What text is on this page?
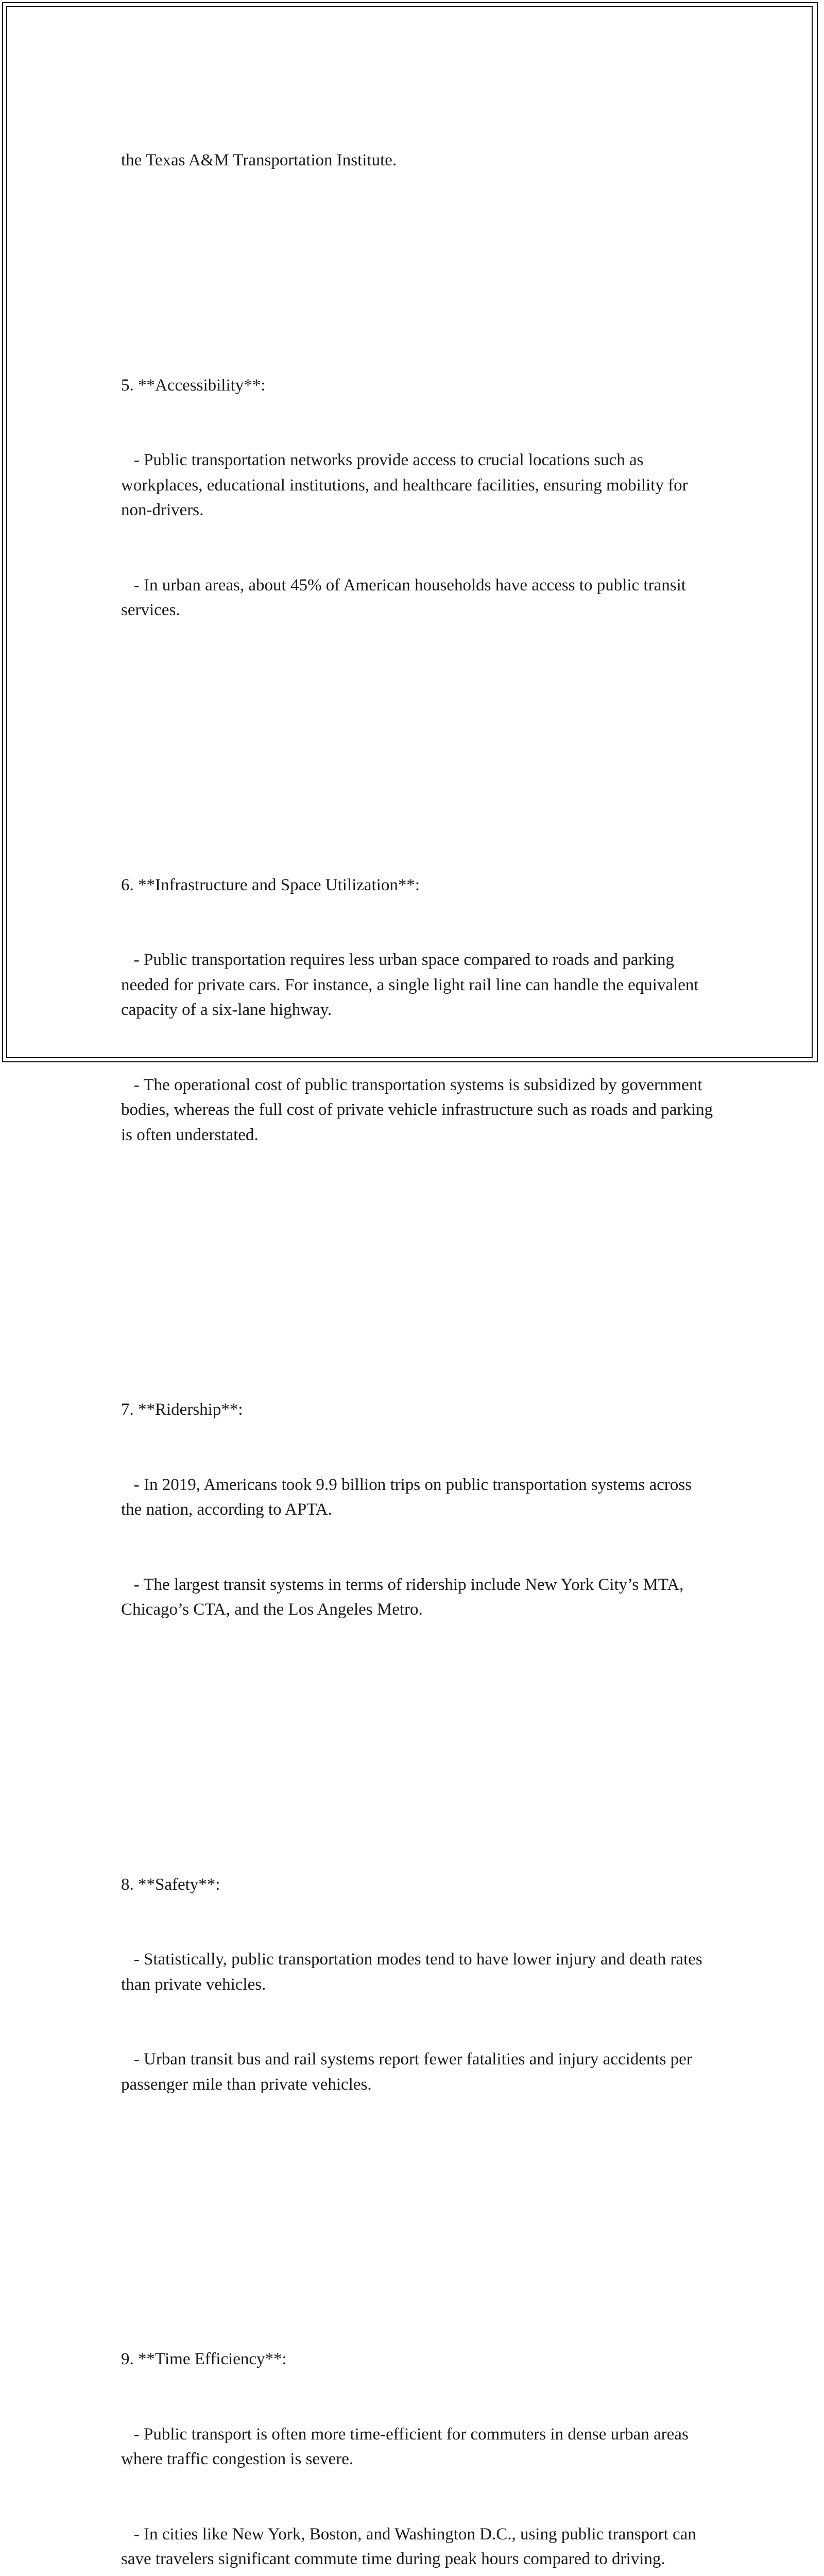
the Texas A&M Transportation Institute.

5. **Accessibility**:

- Public transportation networks provide access to crucial locations such as workplaces, educational institutions, and healthcare facilities, ensuring mobility for non-drivers.

- In urban areas, about 45% of American households have access to public transit services.

6. **Infrastructure and Space Utilization**:

- Public transportation requires less urban space compared to roads and parking needed for private cars. For instance, a single light rail line can handle the equivalent capacity of a six-lane highway.

- The operational cost of public transportation systems is subsidized by government bodies, whereas the full cost of private vehicle infrastructure such as roads and parking is often understated.

7. **Ridership**:

- In 2019, Americans took 9.9 billion trips on public transportation systems across the nation, according to APTA.

- The largest transit systems in terms of ridership include New York City’s MTA, Chicago’s CTA, and the Los Angeles Metro.

8. **Safety**:

- Statistically, public transportation modes tend to have lower injury and death rates than private vehicles.

- Urban transit bus and rail systems report fewer fatalities and injury accidents per passenger mile than private vehicles.

9. **Time Efficiency**:

- Public transport is often more time-efficient for commuters in dense urban areas where traffic congestion is severe.

- In cities like New York, Boston, and Washington D.C., using public transport can save travelers significant commute time during peak hours compared to driving.
